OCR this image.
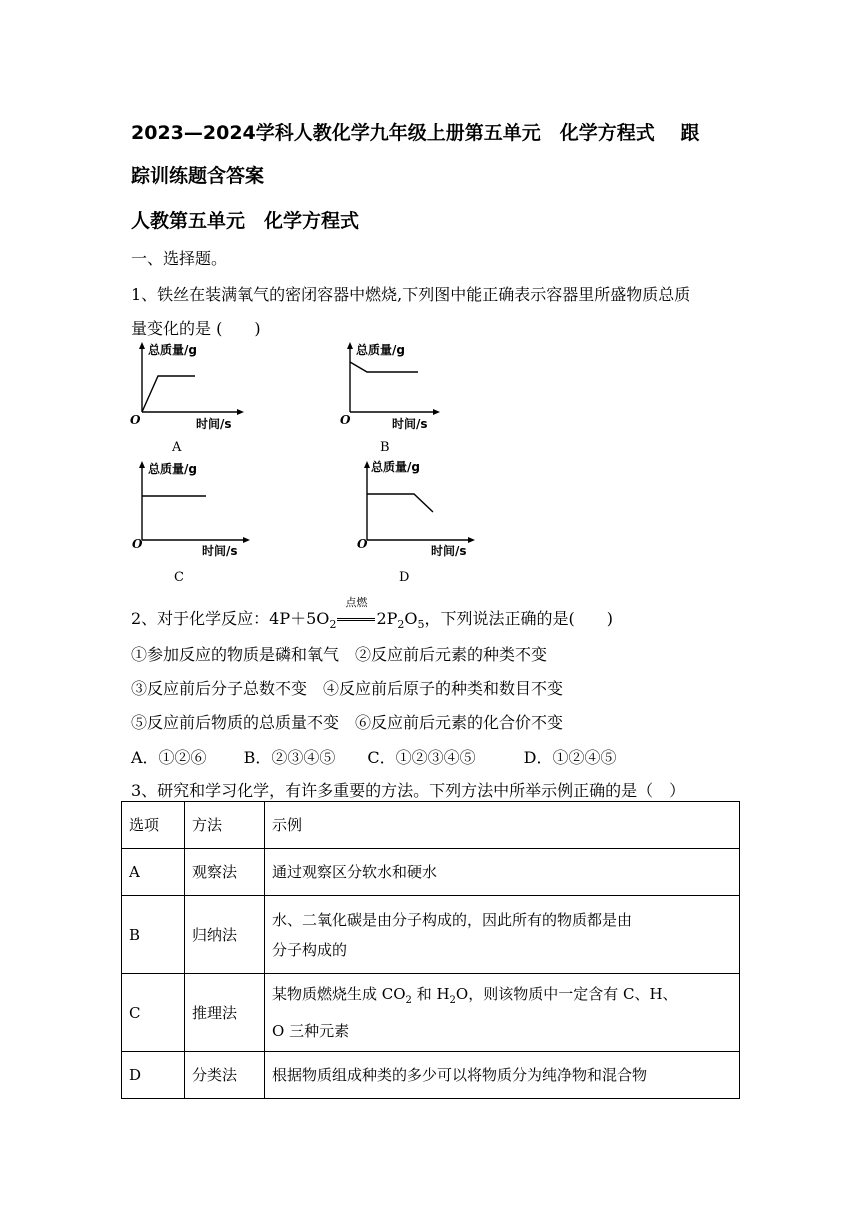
2023—2024学科人教化学九年级上册第五单元　化学方程式　 跟
踪训练题含答案
人教第五单元　化学方程式
一、选择题。
1、铁丝在装满氧气的密闭容器中燃烧,下列图中能正确表示容器里所盛物质总质
量变化的是 (　　)
总质量/g
时间/s
O
A
总质量/g
时间/s
O
B
总质量/g
时间/s
O
C
总质量/g
时间/s
O
D
2、对于化学反应：$4P+5O_2$
点燃
$2P_2O_5$，下列说法正确的是(　　)
①参加反应的物质是磷和氧气　②反应前后元素的种类不变
③反应前后分子总数不变　④反应前后原子的种类和数目不变
⑤反应前后物质的总质量不变　⑥反应前后元素的化合价不变
A．①②⑥　　 B．②③④⑤　　C．①②③④⑤　　　D．①②④⑤
3、研究和学习化学，有许多重要的方法。下列方法中所举示例正确的是（　）
选项	方法	示例
A	观察法	通过观察区分软水和硬水
B	归纳法	水、二氧化碳是由分子构成的，因此所有的物质都是由
分子构成的
C	推理法	某物质燃烧生成 $CO_2$ 和 $H_2O$，则该物质中一定含有 C、H、
O 三种元素
D	分类法	根据物质组成种类的多少可以将物质分为纯净物和混合物
